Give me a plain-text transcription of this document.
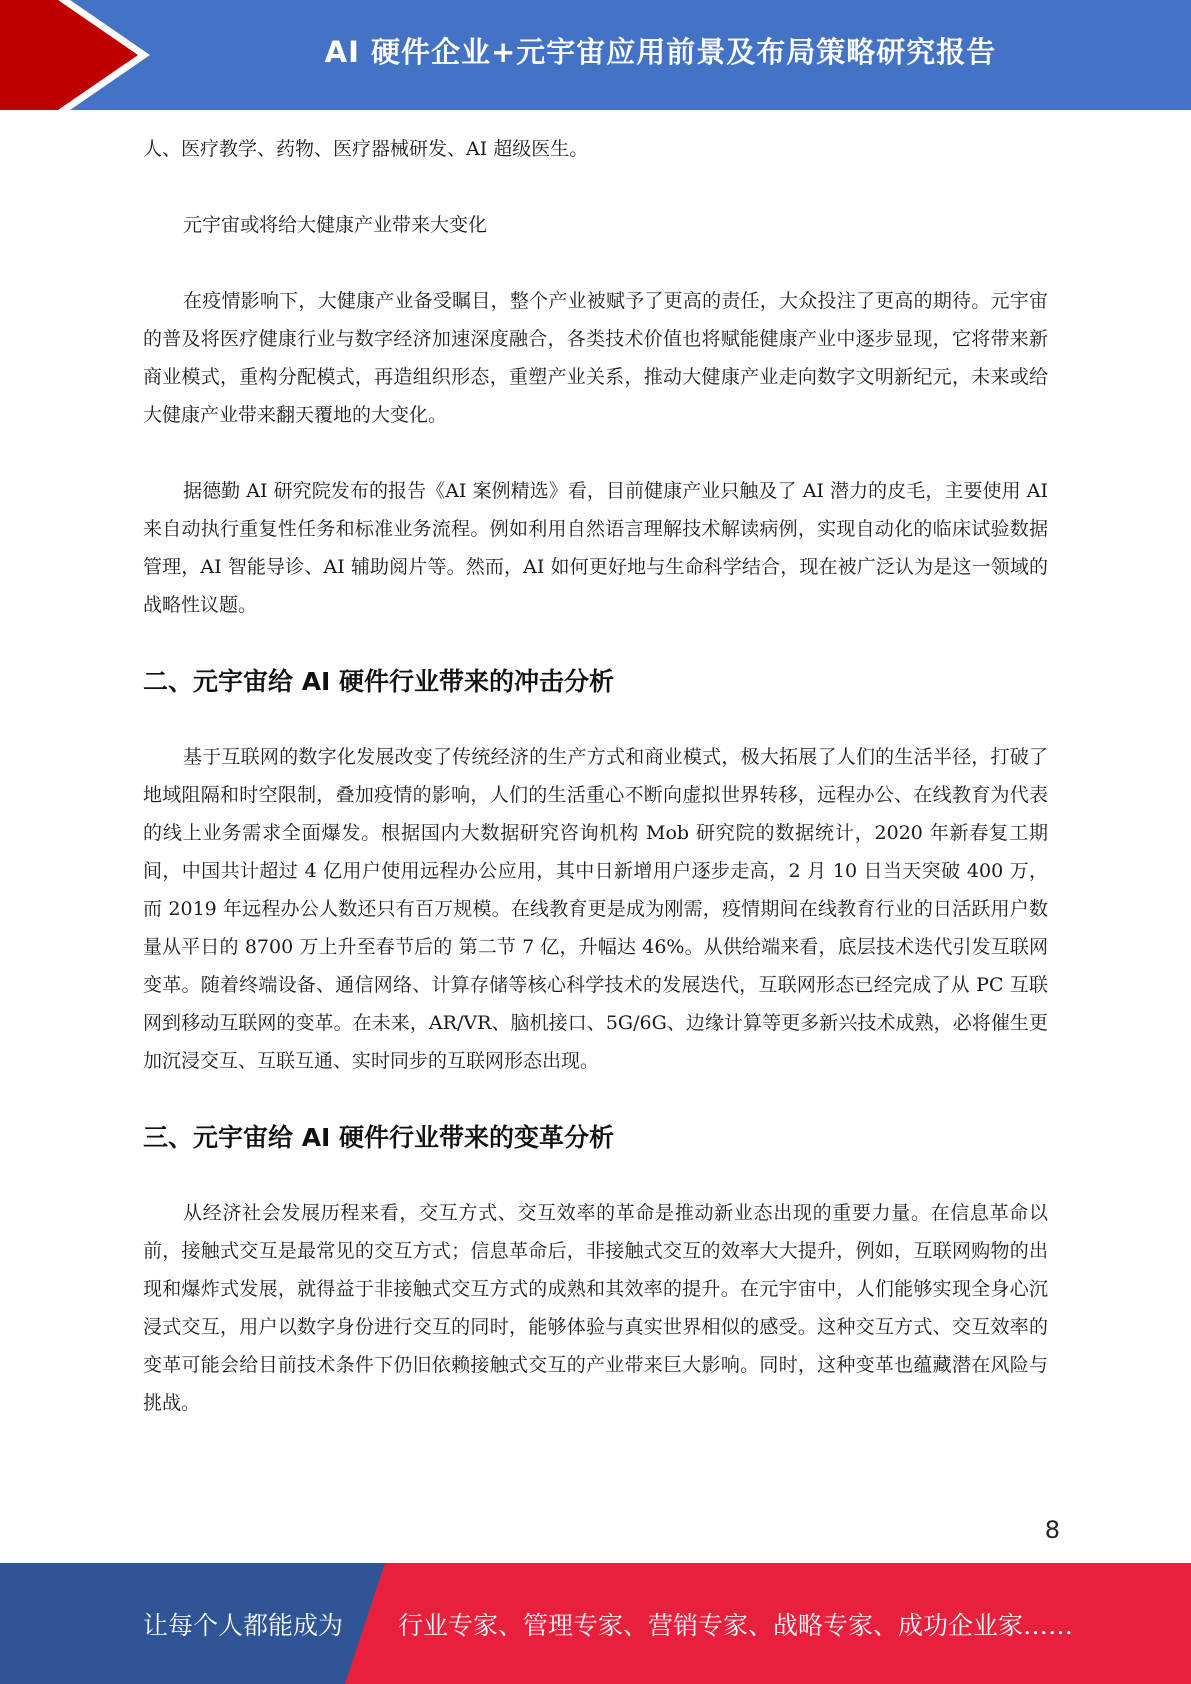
AI 硬件企业+元宇宙应用前景及布局策略研究报告

人、医疗教学、药物、医疗器械研发、AI 超级医生。

元宇宙或将给大健康产业带来大变化

在疫情影响下，大健康产业备受瞩目，整个产业被赋予了更高的责任，大众投注了更高的期待。元宇宙的普及将医疗健康行业与数字经济加速深度融合，各类技术价值也将赋能健康产业中逐步显现，它将带来新商业模式，重构分配模式，再造组织形态，重塑产业关系，推动大健康产业走向数字文明新纪元，未来或给大健康产业带来翻天覆地的大变化。

据德勤 AI 研究院发布的报告《AI 案例精选》看，目前健康产业只触及了 AI 潜力的皮毛，主要使用 AI 来自动执行重复性任务和标准业务流程。例如利用自然语言理解技术解读病例，实现自动化的临床试验数据管理，AI 智能导诊、AI 辅助阅片等。然而，AI 如何更好地与生命科学结合，现在被广泛认为是这一领域的战略性议题。

二、元宇宙给 AI 硬件行业带来的冲击分析

基于互联网的数字化发展改变了传统经济的生产方式和商业模式，极大拓展了人们的生活半径，打破了地域阻隔和时空限制，叠加疫情的影响，人们的生活重心不断向虚拟世界转移，远程办公、在线教育为代表的线上业务需求全面爆发。根据国内大数据研究咨询机构 Mob 研究院的数据统计，2020 年新春复工期间，中国共计超过 4 亿用户使用远程办公应用，其中日新增用户逐步走高，2 月 10 日当天突破 400 万，而 2019 年远程办公人数还只有百万规模。在线教育更是成为刚需，疫情期间在线教育行业的日活跃用户数量从平日的 8700 万上升至春节后的 第二节 7 亿，升幅达 46%。从供给端来看，底层技术迭代引发互联网变革。随着终端设备、通信网络、计算存储等核心科学技术的发展迭代，互联网形态已经完成了从 PC 互联网到移动互联网的变革。在未来，AR/VR、脑机接口、5G/6G、边缘计算等更多新兴技术成熟，必将催生更加沉浸交互、互联互通、实时同步的互联网形态出现。

三、元宇宙给 AI 硬件行业带来的变革分析

从经济社会发展历程来看，交互方式、交互效率的革命是推动新业态出现的重要力量。在信息革命以前，接触式交互是最常见的交互方式；信息革命后，非接触式交互的效率大大提升，例如，互联网购物的出现和爆炸式发展，就得益于非接触式交互方式的成熟和其效率的提升。在元宇宙中，人们能够实现全身心沉浸式交互，用户以数字身份进行交互的同时，能够体验与真实世界相似的感受。这种交互方式、交互效率的变革可能会给目前技术条件下仍旧依赖接触式交互的产业带来巨大影响。同时，这种变革也蕴藏潜在风险与挑战。

8
让每个人都能成为 行业专家、管理专家、营销专家、战略专家、成功企业家……
